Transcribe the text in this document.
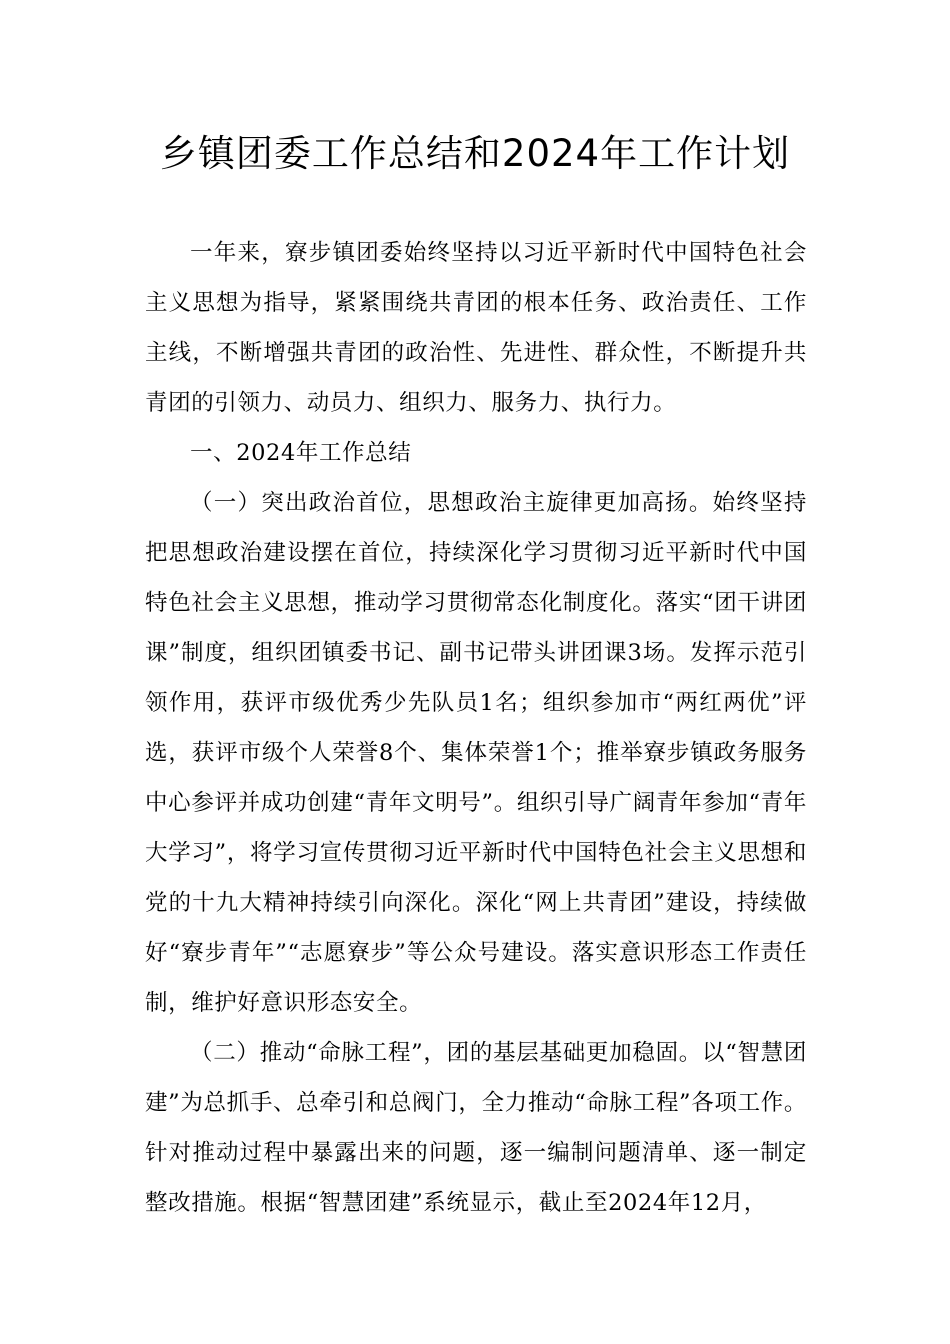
乡镇团委工作总结和2024年工作计划

一年来，寮步镇团委始终坚持以习近平新时代中国特色社会主义思想为指导，紧紧围绕共青团的根本任务、政治责任、工作主线，不断增强共青团的政治性、先进性、群众性，不断提升共青团的引领力、动员力、组织力、服务力、执行力。

一、2024年工作总结

（一）突出政治首位，思想政治主旋律更加高扬。始终坚持把思想政治建设摆在首位，持续深化学习贯彻习近平新时代中国特色社会主义思想，推动学习贯彻常态化制度化。落实“团干讲团课”制度，组织团镇委书记、副书记带头讲团课3场。发挥示范引领作用，获评市级优秀少先队员1名；组织参加市“两红两优”评选，获评市级个人荣誉8个、集体荣誉1个；推举寮步镇政务服务中心参评并成功创建“青年文明号”。组织引导广阔青年参加“青年大学习”，将学习宣传贯彻习近平新时代中国特色社会主义思想和党的十九大精神持续引向深化。深化“网上共青团”建设，持续做好“寮步青年”“志愿寮步”等公众号建设。落实意识形态工作责任制，维护好意识形态安全。

（二）推动“命脉工程”，团的基层基础更加稳固。以“智慧团建”为总抓手、总牵引和总阀门，全力推动“命脉工程”各项工作。针对推动过程中暴露出来的问题，逐一编制问题清单、逐一制定整改措施。根据“智慧团建”系统显示，截止至2024年12月，
